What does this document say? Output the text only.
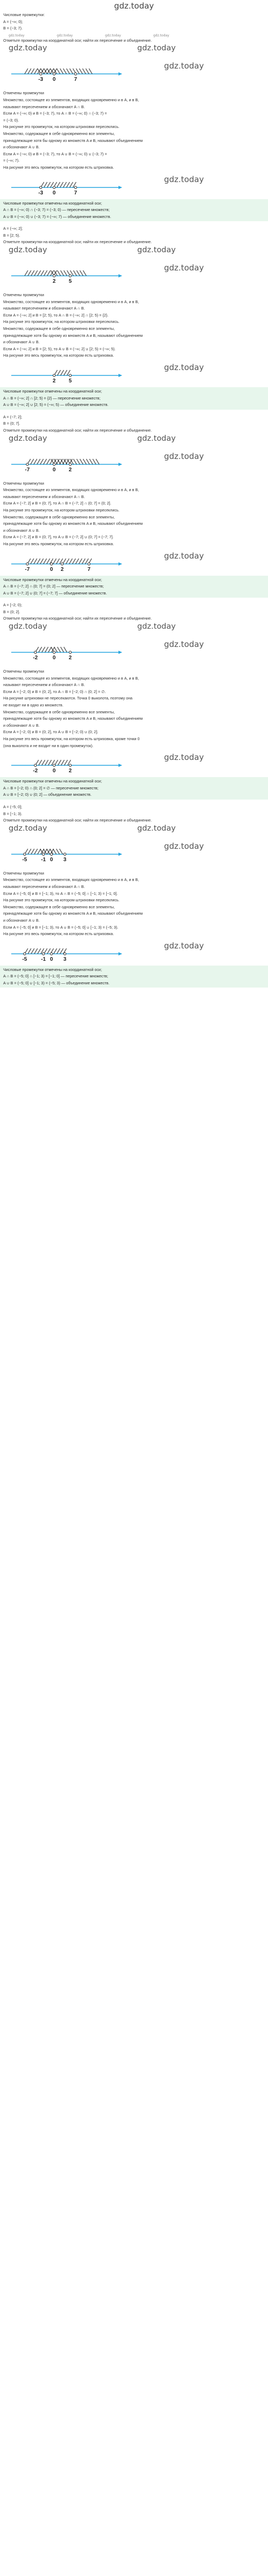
gdz.today
Числовые промежутки:
A = (−∞; 0);
B = (−3; 7).
gdz.today	gdz.today	gdz.today	gdz.today
Отметьте промежутки на координатной оси; найти их пересечение и объединение.
gdz.today	gdz.today
-3 0	7
gdz.today
Отмечены промежутки
Множество, состоящее из элементов, входящих одновременно и в A, и в B,
называют пересечением и обозначают A ∩ B.
Если A = (−∞; 0) и B = (−3; 7), то A ∩ B = (−∞; 0) ∩ (−3; 7) =
= (−3; 0).
На рисунке это промежуток, на котором штриховки пересеклись.
Множество, содержащее в себе одновременно все элементы,
принадлежащие хотя бы одному из множеств A и B, называют объединением
и обозначают A ∪ B.
Если A = (−∞; 0) и B = (−3; 7), то A ∪ B = (−∞; 0) ∪ (−3; 7) =
= (−∞; 7).
На рисунке это весь промежуток, на котором есть штриховка.
-3 0	7
gdz.today
Числовые промежутки отмечены на координатной оси;
A ∩ B = (−∞; 0) ∩ (−3; 7) = (−3; 0) — пересечение множеств;
A ∪ B = (−∞; 0) ∪ (−3; 7) = (−∞; 7) — объединение множеств.
A = (−∞; 2];
B = [2; 5).
Отметьте промежутки на координатной оси; найти их пересечение и объединение.
gdz.today	gdz.today
2 5
gdz.today
Отмечены промежутки
Множество, состоящее из элементов, входящих одновременно и в A, и в B,
называют пересечением и обозначают A ∩ B.
Если A = (−∞; 2] и B = [2; 5), то A ∩ B = (−∞; 2] ∩ [2; 5) = {2}.
На рисунке это промежуток, на котором штриховки пересеклись.
Множество, содержащее в себе одновременно все элементы,
принадлежащие хотя бы одному из множеств A и B, называют объединением
и обозначают A ∪ B.
Если A = (−∞; 2] и B = [2; 5), то A ∪ B = (−∞; 2] ∪ [2; 5) = (−∞; 5).
На рисунке это весь промежуток, на котором есть штриховка.
2 5
gdz.today
Числовые промежутки отмечены на координатной оси;
A ∩ B = (−∞; 2] ∩ [2; 5) = {2} — пересечение множеств;
A ∪ B = (−∞; 2] ∪ [2; 5) = (−∞; 5) — объединение множеств.
A = (−7; 2];
B = (0; 7].
Отметьте промежутки на координатной оси; найти их пересечение и объединение.
gdz.today	gdz.today
-7	0 2
gdz.today
Отмечены промежутки
Множество, состоящее из элементов, входящих одновременно и в A, и в B,
называют пересечением и обозначают A ∩ B.
Если A = (−7; 2] и B = (0; 7], то A ∩ B = (−7; 2] ∩ (0; 7] = (0; 2].
На рисунке это промежуток, на котором штриховки пересеклись.
Множество, содержащее в себе одновременно все элементы,
принадлежащие хотя бы одному из множеств A и B, называют объединением
и обозначают A ∪ B.
Если A = (−7; 2] и B = (0; 7], то A ∪ B = (−7; 2] ∪ (0; 7] = (−7; 7].
На рисунке это весь промежуток, на котором есть штриховка.
-7	0 2	7
gdz.today
Числовые промежутки отмечены на координатной оси;
A ∩ B = (−7; 2] ∩ (0; 7] = (0; 2] — пересечение множеств;
A ∪ B = (−7; 2] ∪ (0; 7] = (−7; 7] — объединение множеств.
A = [−2; 0);
B = (0; 2].
Отметьте промежутки на координатной оси; найти их пересечение и объединение.
gdz.today	gdz.today
-2	0 2
gdz.today
Отмечены промежутки
Множество, состоящее из элементов, входящих одновременно и в A, и в B,
называют пересечением и обозначают A ∩ B.
Если A = [−2; 0) и B = (0; 2], то A ∩ B = [−2; 0) ∩ (0; 2] = ∅.
На рисунке штриховки не пересекаются. Точка 0 выколота, поэтому она
не входит ни в одно из множеств.
Множество, содержащее в себе одновременно все элементы,
принадлежащие хотя бы одному из множеств A и B, называют объединением
и обозначают A ∪ B.
Если A = [−2; 0) и B = (0; 2], то A ∪ B = [−2; 0) ∪ (0; 2].
На рисунке это весь промежуток, на котором есть штриховка, кроме точки 0
(она выколота и не входит ни в один промежуток).
-2	0 2
gdz.today
Числовые промежутки отмечены на координатной оси;
A ∩ B = [−2; 0) ∩ (0; 2] = ∅ — пересечение множеств;
A ∪ B = [−2; 0) ∪ (0; 2] — объединение множеств.
A = (−5; 0];
B = [−1; 3).
Отметьте промежутки на координатной оси; найти их пересечение и объединение.
gdz.today	gdz.today
-5	-1 0 3
gdz.today
Отмечены промежутки
Множество, состоящее из элементов, входящих одновременно и в A, и в B,
называют пересечением и обозначают A ∩ B.
Если A = (−5; 0] и B = [−1; 3), то A ∩ B = (−5; 0] ∩ [−1; 3) = [−1; 0].
На рисунке это промежуток, на котором штриховки пересеклись.
Множество, содержащее в себе одновременно все элементы,
принадлежащие хотя бы одному из множеств A и B, называют объединением
и обозначают A ∪ B.
Если A = (−5; 0] и B = [−1; 3), то A ∪ B = (−5; 0] ∪ [−1; 3) = (−5; 3).
На рисунке это весь промежуток, на котором есть штриховка.
-5	-1 0 3
gdz.today
Числовые промежутки отмечены на координатной оси;
A ∩ B = (−5; 0] ∩ [−1; 3) = [−1; 0] — пересечение множеств;
A ∪ B = (−5; 0] ∪ [−1; 3) = (−5; 3) — объединение множеств.
